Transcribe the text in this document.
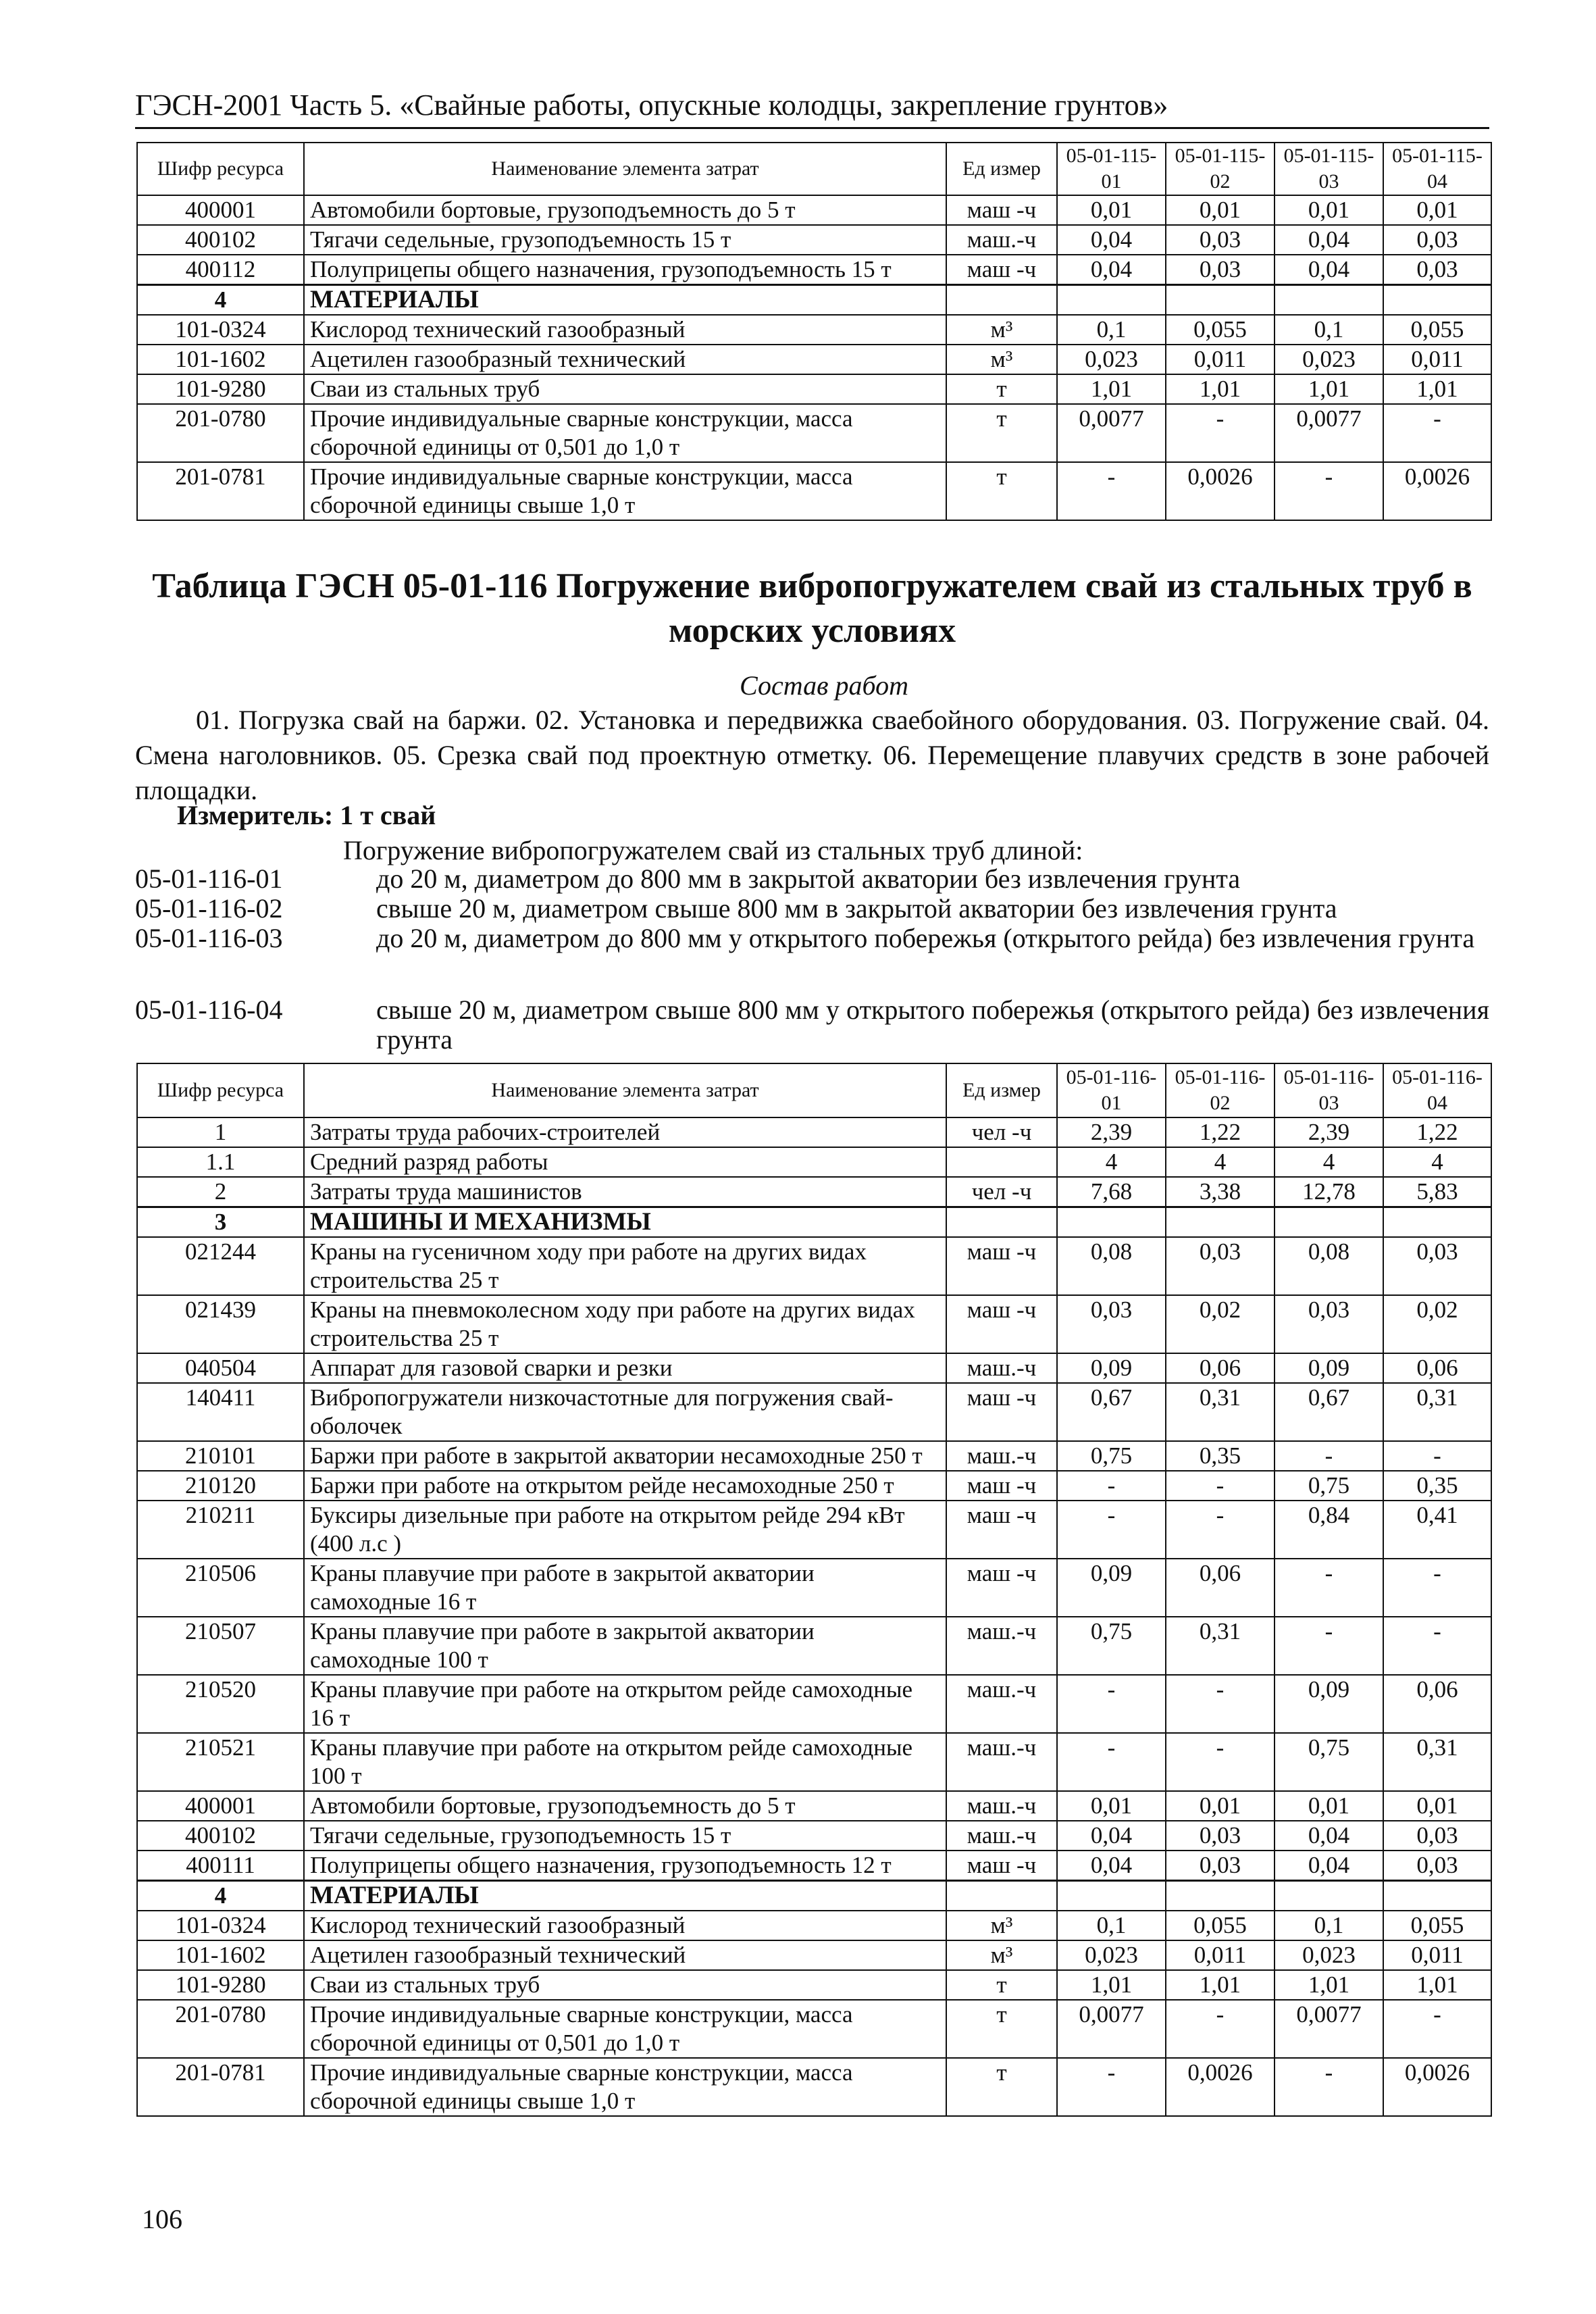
ГЭСН-2001 Часть 5. «Свайные работы, опускные колодцы, закрепление грунтов»
Шифр ресурса	Наименование элемента затрат	Ед измер	05-01-115-01	05-01-115-02	05-01-115-03	05-01-115-04
400001	Автомобили бортовые, грузоподъемность до 5 т	маш -ч	0,01	0,01	0,01	0,01
400102	Тягачи седельные, грузоподъемность 15 т	маш.-ч	0,04	0,03	0,04	0,03
400112	Полуприцепы общего назначения, грузоподъемность 15 т	маш -ч	0,04	0,03	0,04	0,03
4	МАТЕРИАЛЫ					
101-0324	Кислород технический газообразный	м³	0,1	0,055	0,1	0,055
101-1602	Ацетилен газообразный технический	м³	0,023	0,011	0,023	0,011
101-9280	Сваи из стальных труб	т	1,01	1,01	1,01	1,01
201-0780	Прочие индивидуальные сварные конструкции, масса сборочной единицы от 0,501 до 1,0 т	т	0,0077	-	0,0077	-
201-0781	Прочие индивидуальные сварные конструкции, масса сборочной единицы свыше 1,0 т	т	-	0,0026	-	0,0026
Таблица ГЭСН 05-01-116 Погружение вибропогружателем свай из стальных труб в морских условиях
Состав работ
01. Погрузка свай на баржи. 02. Установка и передвижка сваебойного оборудования. 03. Погружение свай. 04. Смена наголовников. 05. Срезка свай под проектную отметку. 06. Перемещение плавучих средств в зоне рабочей площадки.
Измеритель: 1 т свай
Погружение вибропогружателем свай из стальных труб длиной:
05-01-116-01	до 20 м, диаметром до 800 мм в закрытой акватории без извлечения грунта
05-01-116-02	свыше 20 м, диаметром свыше 800 мм в закрытой акватории без извлечения грунта
05-01-116-03	до 20 м, диаметром до 800 мм у открытого побережья (открытого рейда) без извлечения грунта
05-01-116-04	свыше 20 м, диаметром свыше 800 мм у открытого побережья (открытого рейда) без извлечения грунта
Шифр ресурса	Наименование элемента затрат	Ед измер	05-01-116-01	05-01-116-02	05-01-116-03	05-01-116-04
1	Затраты труда рабочих-строителей	чел -ч	2,39	1,22	2,39	1,22
1.1	Средний разряд работы		4	4	4	4
2	Затраты труда машинистов	чел -ч	7,68	3,38	12,78	5,83
3	МАШИНЫ И МЕХАНИЗМЫ					
021244	Краны на гусеничном ходу при работе на других видах строительства 25 т	маш -ч	0,08	0,03	0,08	0,03
021439	Краны на пневмоколесном ходу при работе на других видах строительства 25 т	маш -ч	0,03	0,02	0,03	0,02
040504	Аппарат для газовой сварки и резки	маш.-ч	0,09	0,06	0,09	0,06
140411	Вибропогружатели низкочастотные для погружения свай-оболочек	маш -ч	0,67	0,31	0,67	0,31
210101	Баржи при работе в закрытой акватории несамоходные 250 т	маш.-ч	0,75	0,35	-	-
210120	Баржи при работе на открытом рейде несамоходные 250 т	маш -ч	-	-	0,75	0,35
210211	Буксиры дизельные при работе на открытом рейде 294 кВт (400 л.с )	маш -ч	-	-	0,84	0,41
210506	Краны плавучие при работе в закрытой акватории самоходные 16 т	маш -ч	0,09	0,06	-	-
210507	Краны плавучие при работе в закрытой акватории самоходные 100 т	маш.-ч	0,75	0,31	-	-
210520	Краны плавучие при работе на открытом рейде самоходные 16 т	маш.-ч	-	-	0,09	0,06
210521	Краны плавучие при работе на открытом рейде самоходные 100 т	маш.-ч	-	-	0,75	0,31
400001	Автомобили бортовые, грузоподъемность до 5 т	маш.-ч	0,01	0,01	0,01	0,01
400102	Тягачи седельные, грузоподъемность 15 т	маш.-ч	0,04	0,03	0,04	0,03
400111	Полуприцепы общего назначения, грузоподъемность 12 т	маш -ч	0,04	0,03	0,04	0,03
4	МАТЕРИАЛЫ					
101-0324	Кислород технический газообразный	м³	0,1	0,055	0,1	0,055
101-1602	Ацетилен газообразный технический	м³	0,023	0,011	0,023	0,011
101-9280	Сваи из стальных труб	т	1,01	1,01	1,01	1,01
201-0780	Прочие индивидуальные сварные конструкции, масса сборочной единицы от 0,501 до 1,0 т	т	0,0077	-	0,0077	-
201-0781	Прочие индивидуальные сварные конструкции, масса сборочной единицы свыше 1,0 т	т	-	0,0026	-	0,0026
106
